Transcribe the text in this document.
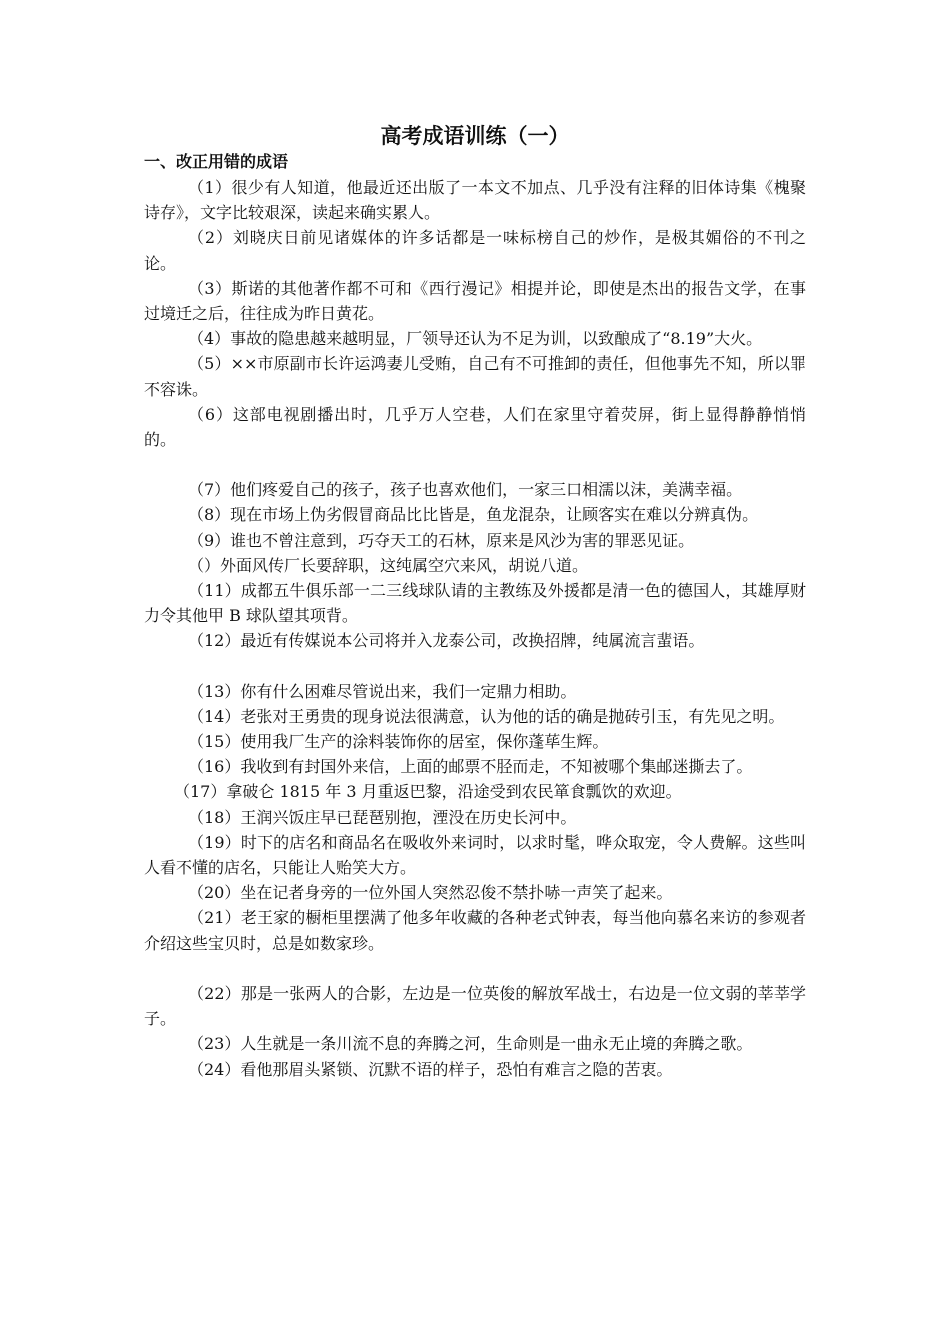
高考成语训练（一）
一、改正用错的成语

（1）很少有人知道，他最近还出版了一本文不加点、几乎没有注释的旧体诗集《槐聚诗存》，文字比较艰深，读起来确实累人。

（2）刘晓庆日前见诸媒体的许多话都是一味标榜自己的炒作，是极其媚俗的不刊之论。

（3）斯诺的其他著作都不可和《西行漫记》相提并论，即使是杰出的报告文学，在事过境迁之后，往往成为昨日黄花。

（4）事故的隐患越来越明显，厂领导还认为不足为训，以致酿成了“8.19”大火。

（5）××市原副市长许运鸿妻儿受贿，自己有不可推卸的责任，但他事先不知，所以罪不容诛。

（6）这部电视剧播出时，几乎万人空巷，人们在家里守着荧屏，街上显得静静悄悄的。

（7）他们疼爱自己的孩子，孩子也喜欢他们，一家三口相濡以沫，美满幸福。

（8）现在市场上伪劣假冒商品比比皆是，鱼龙混杂，让顾客实在难以分辨真伪。

（9）谁也不曾注意到，巧夺天工的石林，原来是风沙为害的罪恶见证。

（）外面风传厂长要辞职，这纯属空穴来风，胡说八道。

（11）成都五牛俱乐部一二三线球队请的主教练及外援都是清一色的德国人，其雄厚财力令其他甲 B 球队望其项背。

（12）最近有传媒说本公司将并入龙泰公司，改换招牌，纯属流言蜚语。

（13）你有什么困难尽管说出来，我们一定鼎力相助。

（14）老张对王勇贵的现身说法很满意，认为他的话的确是抛砖引玉，有先见之明。

（15）使用我厂生产的涂料装饰你的居室，保你蓬荜生辉。

（16）我收到有封国外来信，上面的邮票不胫而走，不知被哪个集邮迷撕去了。

（17）拿破仑 1815 年 3 月重返巴黎，沿途受到农民箪食瓢饮的欢迎。

（18）王润兴饭庄早已琵琶别抱，湮没在历史长河中。

（19）时下的店名和商品名在吸收外来词时，以求时髦，哗众取宠，令人费解。这些叫人看不懂的店名，只能让人贻笑大方。

（20）坐在记者身旁的一位外国人突然忍俊不禁扑哧一声笑了起来。

（21）老王家的橱柜里摆满了他多年收藏的各种老式钟表，每当他向慕名来访的参观者介绍这些宝贝时，总是如数家珍。

（22）那是一张两人的合影，左边是一位英俊的解放军战士，右边是一位文弱的莘莘学子。

（23）人生就是一条川流不息的奔腾之河，生命则是一曲永无止境的奔腾之歌。

（24）看他那眉头紧锁、沉默不语的样子，恐怕有难言之隐的苦衷。
